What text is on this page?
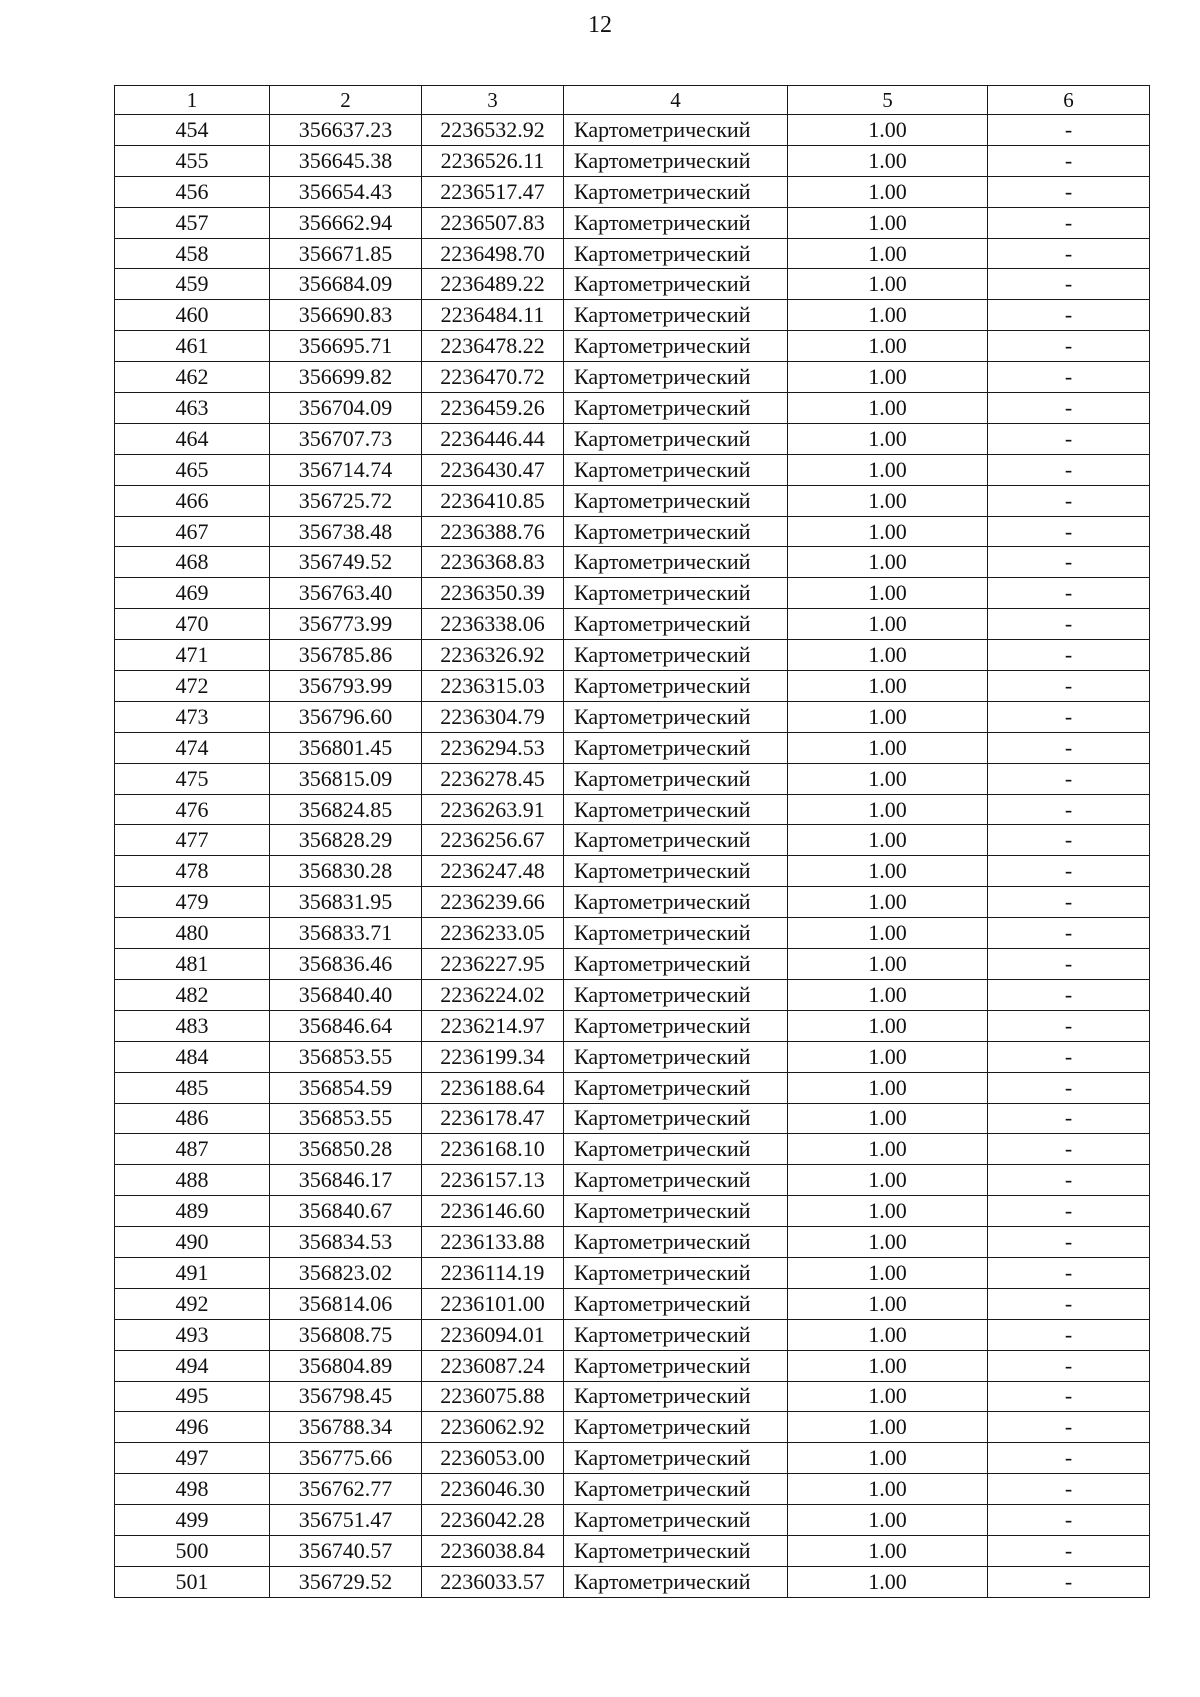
12
1	2	3	4	5	6
454	356637.23	2236532.92	Картометрический	1.00	-
455	356645.38	2236526.11	Картометрический	1.00	-
456	356654.43	2236517.47	Картометрический	1.00	-
457	356662.94	2236507.83	Картометрический	1.00	-
458	356671.85	2236498.70	Картометрический	1.00	-
459	356684.09	2236489.22	Картометрический	1.00	-
460	356690.83	2236484.11	Картометрический	1.00	-
461	356695.71	2236478.22	Картометрический	1.00	-
462	356699.82	2236470.72	Картометрический	1.00	-
463	356704.09	2236459.26	Картометрический	1.00	-
464	356707.73	2236446.44	Картометрический	1.00	-
465	356714.74	2236430.47	Картометрический	1.00	-
466	356725.72	2236410.85	Картометрический	1.00	-
467	356738.48	2236388.76	Картометрический	1.00	-
468	356749.52	2236368.83	Картометрический	1.00	-
469	356763.40	2236350.39	Картометрический	1.00	-
470	356773.99	2236338.06	Картометрический	1.00	-
471	356785.86	2236326.92	Картометрический	1.00	-
472	356793.99	2236315.03	Картометрический	1.00	-
473	356796.60	2236304.79	Картометрический	1.00	-
474	356801.45	2236294.53	Картометрический	1.00	-
475	356815.09	2236278.45	Картометрический	1.00	-
476	356824.85	2236263.91	Картометрический	1.00	-
477	356828.29	2236256.67	Картометрический	1.00	-
478	356830.28	2236247.48	Картометрический	1.00	-
479	356831.95	2236239.66	Картометрический	1.00	-
480	356833.71	2236233.05	Картометрический	1.00	-
481	356836.46	2236227.95	Картометрический	1.00	-
482	356840.40	2236224.02	Картометрический	1.00	-
483	356846.64	2236214.97	Картометрический	1.00	-
484	356853.55	2236199.34	Картометрический	1.00	-
485	356854.59	2236188.64	Картометрический	1.00	-
486	356853.55	2236178.47	Картометрический	1.00	-
487	356850.28	2236168.10	Картометрический	1.00	-
488	356846.17	2236157.13	Картометрический	1.00	-
489	356840.67	2236146.60	Картометрический	1.00	-
490	356834.53	2236133.88	Картометрический	1.00	-
491	356823.02	2236114.19	Картометрический	1.00	-
492	356814.06	2236101.00	Картометрический	1.00	-
493	356808.75	2236094.01	Картометрический	1.00	-
494	356804.89	2236087.24	Картометрический	1.00	-
495	356798.45	2236075.88	Картометрический	1.00	-
496	356788.34	2236062.92	Картометрический	1.00	-
497	356775.66	2236053.00	Картометрический	1.00	-
498	356762.77	2236046.30	Картометрический	1.00	-
499	356751.47	2236042.28	Картометрический	1.00	-
500	356740.57	2236038.84	Картометрический	1.00	-
501	356729.52	2236033.57	Картометрический	1.00	-
